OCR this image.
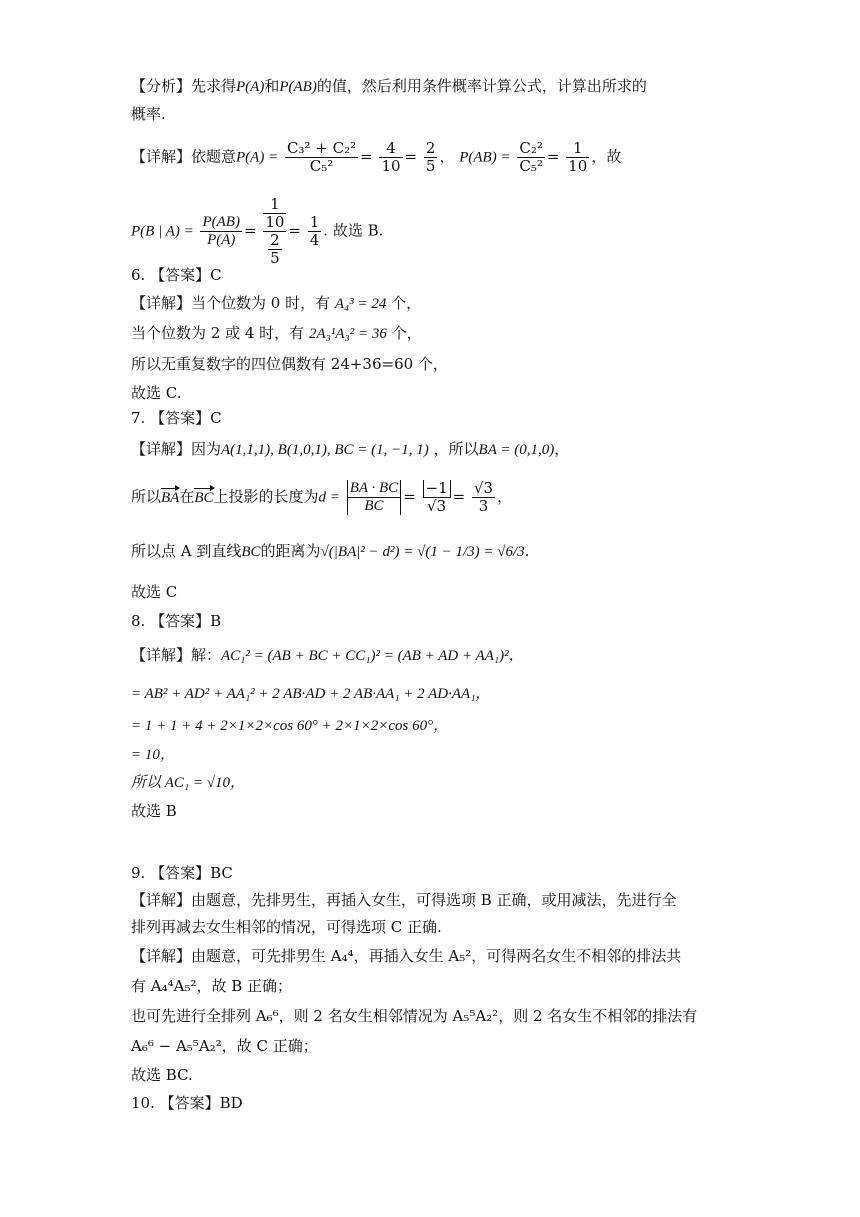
【分析】先求得P(A)和P(AB)的值，然后利用条件概率计算公式，计算出所求的
概率.
【详解】依题意$P(A) = \frac{\text{C₃² + C₂²}}{\text{C₅²}} = \frac{4}{10} = \frac{2}{5}$ ， $P(AB) = \frac{\text{C₂²}}{\text{C₅²}} = \frac{1}{10}$ ，故
P(B | $A) = \frac{P(AB)}{P(A)} = \frac{\frac{1}{10}}{\frac{2}{5}} = \frac{1}{4}$ . 故选 B.
6. 【答案】C
【详解】当个位数为 0 时，有 A₄³ = 24 个，
当个位数为 2 或 4 时，有 2A₃¹A₃² = 36 个，
所以无重复数字的四位偶数有 24+36=60 个，
故选 C.
7. 【答案】C
【详解】因为A(1,1,1), B(1,0,1), BC = (1, −1, 1) ，所以BA = (0,1,0)，
所以BA在BC上投影的长度为$d = \frac{BA \cdot BC}{BC} = \frac{-1}{√3} = \frac{√3}{3}$ ，
所以点 A 到直线BC的距离为√(|BA|² − d²) = √(1 − 1/3) = √6/3.
故选 C
8. 【答案】B
【详解】解：AC₁² = (AB + BC + CC₁)² = (AB + AD + AA₁)²，
= AB² + AD² + AA₁² + 2 AB·AD + 2 AB·AA₁ + 2 AD·AA₁，
= 1 + 1 + 4 + 2×1×2×cos 60° + 2×1×2×cos 60°，
= 10，
所以 AC₁ = √10，
故选 B
9. 【答案】BC
【详解】由题意，先排男生，再插入女生，可得选项 B 正确，或用减法，先进行全
排列再减去女生相邻的情况，可得选项 C 正确.
【详解】由题意，可先排男生 A₄⁴，再插入女生 A₅²，可得两名女生不相邻的排法共
有 A₄⁴A₅²，故 B 正确；
也可先进行全排列 A₆⁶，则 2 名女生相邻情况为 A₅⁵A₂²，则 2 名女生不相邻的排法有
A₆⁶ − A₅⁵A₂²，故 C 正确；
故选 BC.
10. 【答案】BD
